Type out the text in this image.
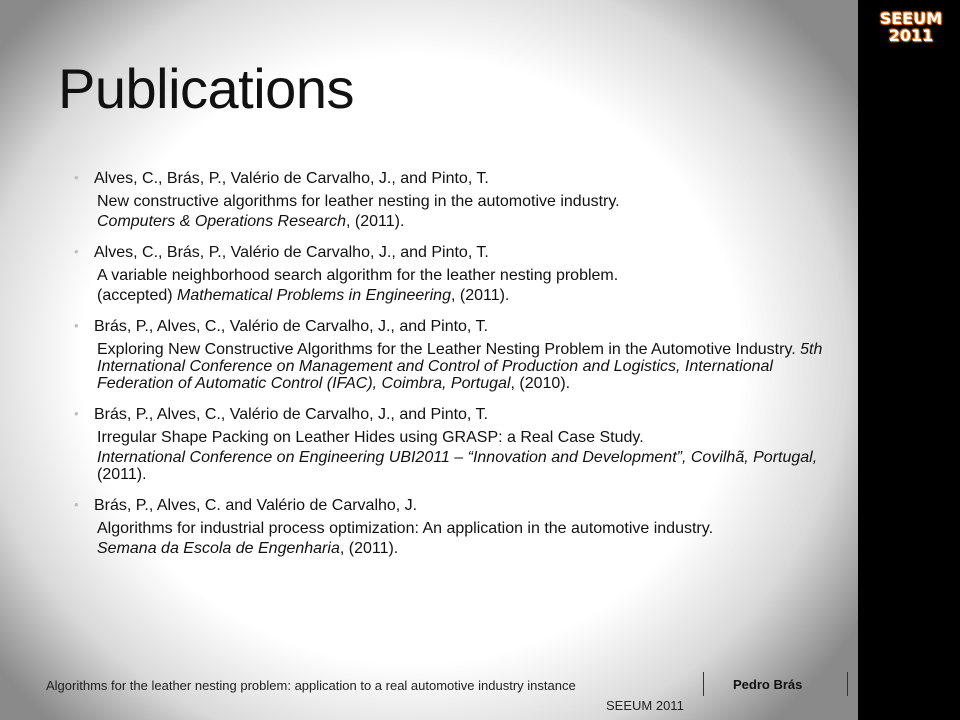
SEEUM
2011
Publications
• Alves, C., Brás, P., Valério de Carvalho, J., and Pinto, T.
New constructive algorithms for leather nesting in the automotive industry.
Computers & Operations Research, (2011).
• Alves, C., Brás, P., Valério de Carvalho, J., and Pinto, T.
A variable neighborhood search algorithm for the leather nesting problem.
(accepted) Mathematical Problems in Engineering, (2011).
• Brás, P., Alves, C., Valério de Carvalho, J., and Pinto, T.
Exploring New Constructive Algorithms for the Leather Nesting Problem in the Automotive Industry. 5th International Conference on Management and Control of Production and Logistics, International Federation of Automatic Control (IFAC), Coimbra, Portugal, (2010).
• Brás, P., Alves, C., Valério de Carvalho, J., and Pinto, T.
Irregular Shape Packing on Leather Hides using GRASP: a Real Case Study.
International Conference on Engineering UBI2011 – “Innovation and Development”, Covilhã, Portugal, (2011).
• Brás, P., Alves, C. and Valério de Carvalho, J.
Algorithms for industrial process optimization: An application in the automotive industry.
Semana da Escola de Engenharia, (2011).
Algorithms for the leather nesting problem: application to a real automotive industry instance	Pedro Brás
SEEUM 2011
